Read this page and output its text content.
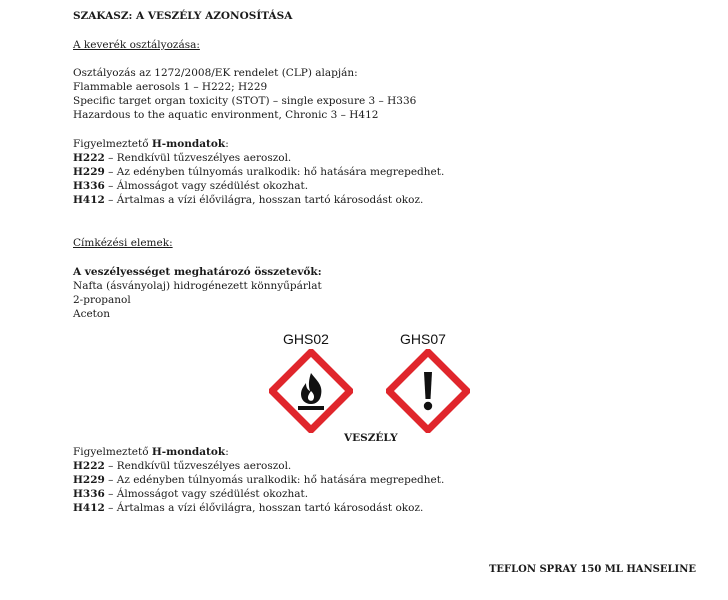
SZAKASZ: A VESZÉLY AZONOSÍTÁSA
A keverék osztályozása:
Osztályozás az 1272/2008/EK rendelet (CLP) alapján:
Flammable aerosols 1 – H222; H229
Specific target organ toxicity (STOT) – single exposure 3 – H336
Hazardous to the aquatic environment, Chronic 3 – H412
Figyelmeztető H-mondatok:
H222 – Rendkívül tűzveszélyes aeroszol.
H229 – Az edényben túlnyomás uralkodik: hő hatására megrepedhet.
H336 – Álmosságot vagy szédülést okozhat.
H412 – Ártalmas a vízi élővilágra, hosszan tartó károsodást okoz.
Címkézési elemek:
A veszélyességet meghatározó összetevők:
Nafta (ásványolaj) hidrogénezett könnyűpárlat
2-propanol
Aceton
GHS02	GHS07
VESZÉLY
Figyelmeztető H-mondatok:
H222 – Rendkívül tűzveszélyes aeroszol.
H229 – Az edényben túlnyomás uralkodik: hő hatására megrepedhet.
H336 – Álmosságot vagy szédülést okozhat.
H412 – Ártalmas a vízi élővilágra, hosszan tartó károsodást okoz.
TEFLON SPRAY 150 ML HANSELINE
